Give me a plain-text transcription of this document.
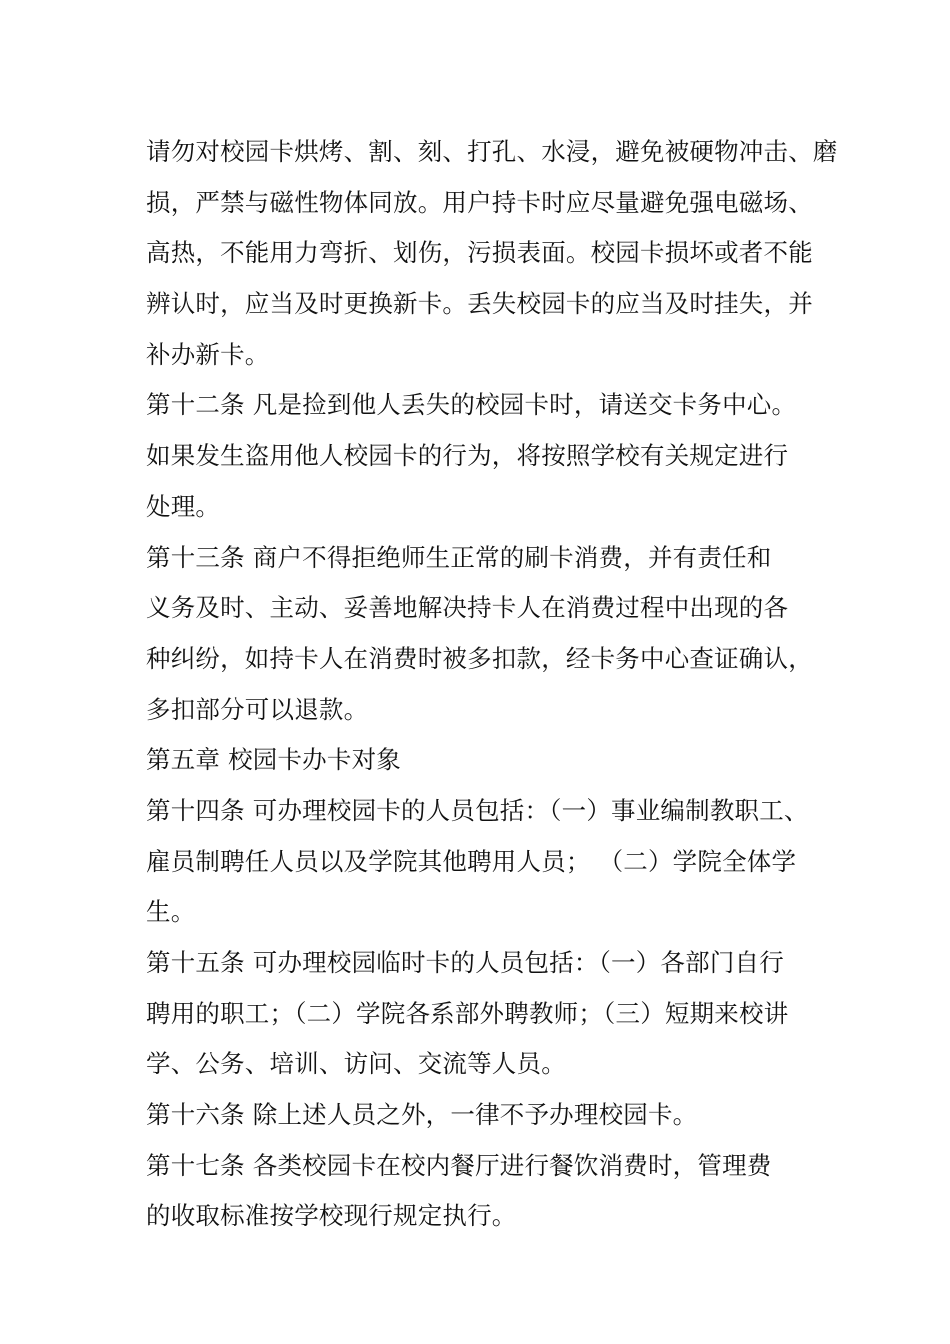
请勿对校园卡烘烤、割、刻、打孔、水浸，避免被硬物冲击、磨
损，严禁与磁性物体同放。用户持卡时应尽量避免强电磁场、
高热，不能用力弯折、划伤，污损表面。校园卡损坏或者不能
辨认时，应当及时更换新卡。丢失校园卡的应当及时挂失，并
补办新卡。
第十二条 凡是捡到他人丢失的校园卡时，请送交卡务中心。
如果发生盗用他人校园卡的行为，将按照学校有关规定进行
处理。
第十三条 商户不得拒绝师生正常的刷卡消费，并有责任和
义务及时、主动、妥善地解决持卡人在消费过程中出现的各
种纠纷，如持卡人在消费时被多扣款，经卡务中心查证确认，
多扣部分可以退款。
第五章 校园卡办卡对象
第十四条 可办理校园卡的人员包括：（一）事业编制教职工、
雇员制聘任人员以及学院其他聘用人员； （二）学院全体学
生。
第十五条 可办理校园临时卡的人员包括：（一）各部门自行
聘用的职工；（二）学院各系部外聘教师；（三）短期来校讲
学、公务、培训、访问、交流等人员。
第十六条 除上述人员之外，一律不予办理校园卡。
第十七条 各类校园卡在校内餐厅进行餐饮消费时，管理费
的收取标准按学校现行规定执行。
